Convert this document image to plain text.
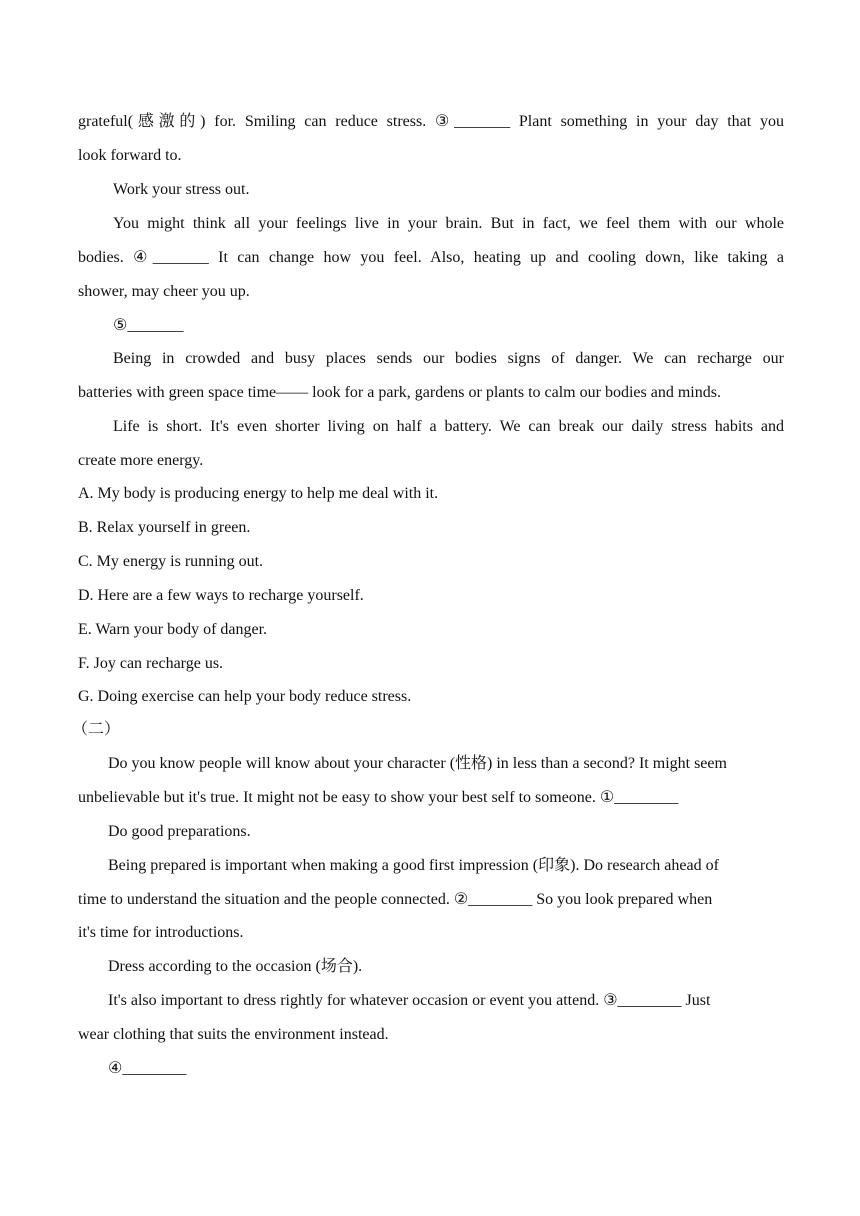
grateful(感激的) for. Smiling can reduce stress. ③_______ Plant something in your day that you
look forward to.
Work your stress out.
You might think all your feelings live in your brain. But in fact, we feel them with our whole
bodies. ④_______ It can change how you feel. Also, heating up and cooling down, like taking a
shower, may cheer you up.
⑤_______
Being in crowded and busy places sends our bodies signs of danger. We can recharge our
batteries with green space time—— look for a park, gardens or plants to calm our bodies and minds.
Life is short. It's even shorter living on half a battery. We can break our daily stress habits and
create more energy.
A. My body is producing energy to help me deal with it.
B. Relax yourself in green.
C. My energy is running out.
D. Here are a few ways to recharge yourself.
E. Warn your body of danger.
F. Joy can recharge us.
G. Doing exercise can help your body reduce stress.
（二）
Do you know people will know about your character (性格) in less than a second? It might seem
unbelievable but it's true. It might not be easy to show your best self to someone. ①________
Do good preparations.
Being prepared is important when making a good first impression (印象). Do research ahead of
time to understand the situation and the people connected. ②________ So you look prepared when
it's time for introductions.
Dress according to the occasion (场合).
It's also important to dress rightly for whatever occasion or event you attend. ③________ Just
wear clothing that suits the environment instead.
④________
